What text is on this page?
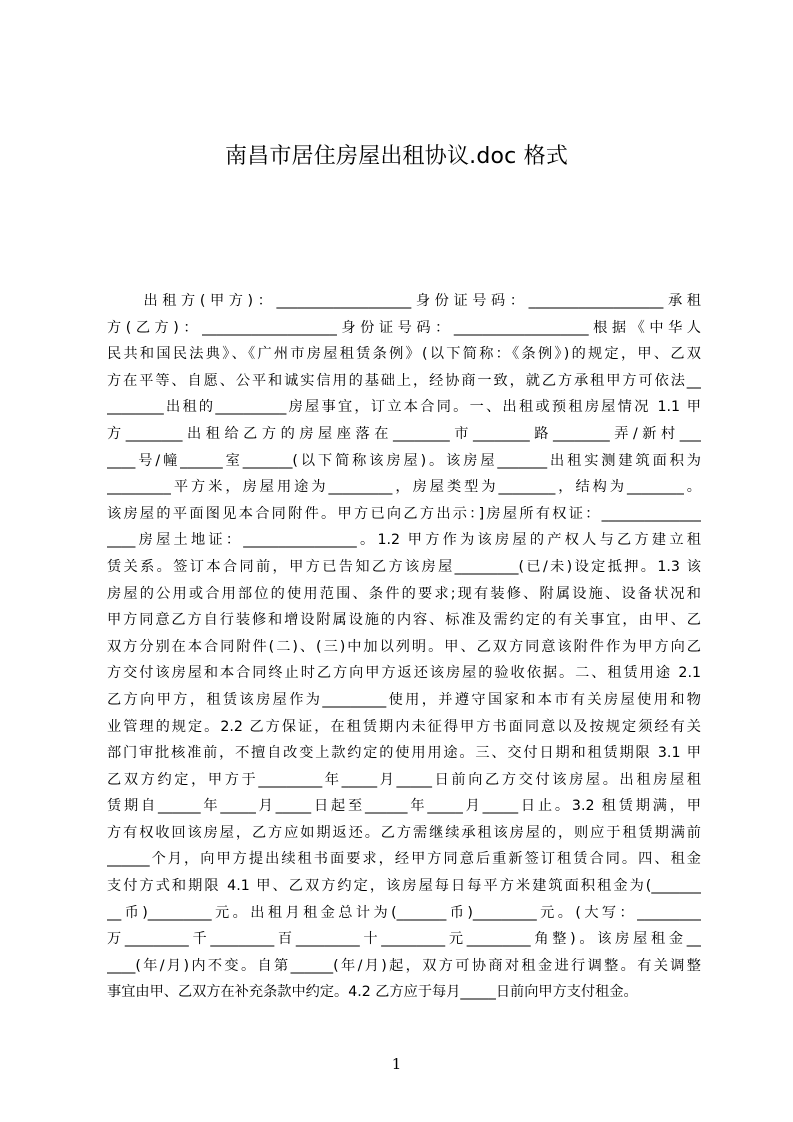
南昌市居住房屋出租协议.doc 格式
出租方(甲方)：___________________身份证号码：___________________承租
方(乙方)：___________________身份证号码：___________________根据《中华人
民共和国民法典》、《广州市房屋租赁条例》(以下简称：《条例》)的规定，甲、乙双
方在平等、自愿、公平和诚实信用的基础上，经协商一致，就乙方承租甲方可依法__
________出租的__________房屋事宜，订立本合同。一、出租或预租房屋情况 1.1 甲
方________出租给乙方的房屋座落在________市________路________弄/新村___
____号/幢______室_______(以下简称该房屋)。该房屋_______出租实测建筑面积为
_________平方米，房屋用途为_________，房屋类型为________，结构为________。
该房屋的平面图见本合同附件。甲方已向乙方出示：]房屋所有权证：______________
____房屋土地证：________________。1.2 甲方作为该房屋的产权人与乙方建立租
赁关系。签订本合同前，甲方已告知乙方该房屋_________(已/未)设定抵押。1.3 该
房屋的公用或合用部位的使用范围、条件的要求;现有装修、附属设施、设备状况和
甲方同意乙方自行装修和增设附属设施的内容、标准及需约定的有关事宜，由甲、乙
双方分别在本合同附件(二)、(三)中加以列明。甲、乙双方同意该附件作为甲方向乙
方交付该房屋和本合同终止时乙方向甲方返还该房屋的验收依据。二、租赁用途 2.1
乙方向甲方，租赁该房屋作为_________使用，并遵守国家和本市有关房屋使用和物
业管理的规定。2.2 乙方保证，在租赁期内未征得甲方书面同意以及按规定须经有关
部门审批核准前，不擅自改变上款约定的使用用途。三、交付日期和租赁期限 3.1 甲
乙双方约定，甲方于_________年_____月_____日前向乙方交付该房屋。出租房屋租
赁期自______年_____月_____日起至______年_____月_____日止。3.2 租赁期满，甲
方有权收回该房屋，乙方应如期返还。乙方需继续承租该房屋的，则应于租赁期满前
______个月，向甲方提出续租书面要求，经甲方同意后重新签订租赁合同。四、租金
支付方式和期限 4.1 甲、乙双方约定，该房屋每日每平方米建筑面积租金为(_______
__币)_________元。出租月租金总计为(_______币)_________元。(大写：_________
万_________千_________百_________十_________元_________角整)。该房屋租金__
____(年/月)内不变。自第______(年/月)起，双方可协商对租金进行调整。有关调整
事宜由甲、乙双方在补充条款中约定。4.2 乙方应于每月_____日前向甲方支付租金。
1
